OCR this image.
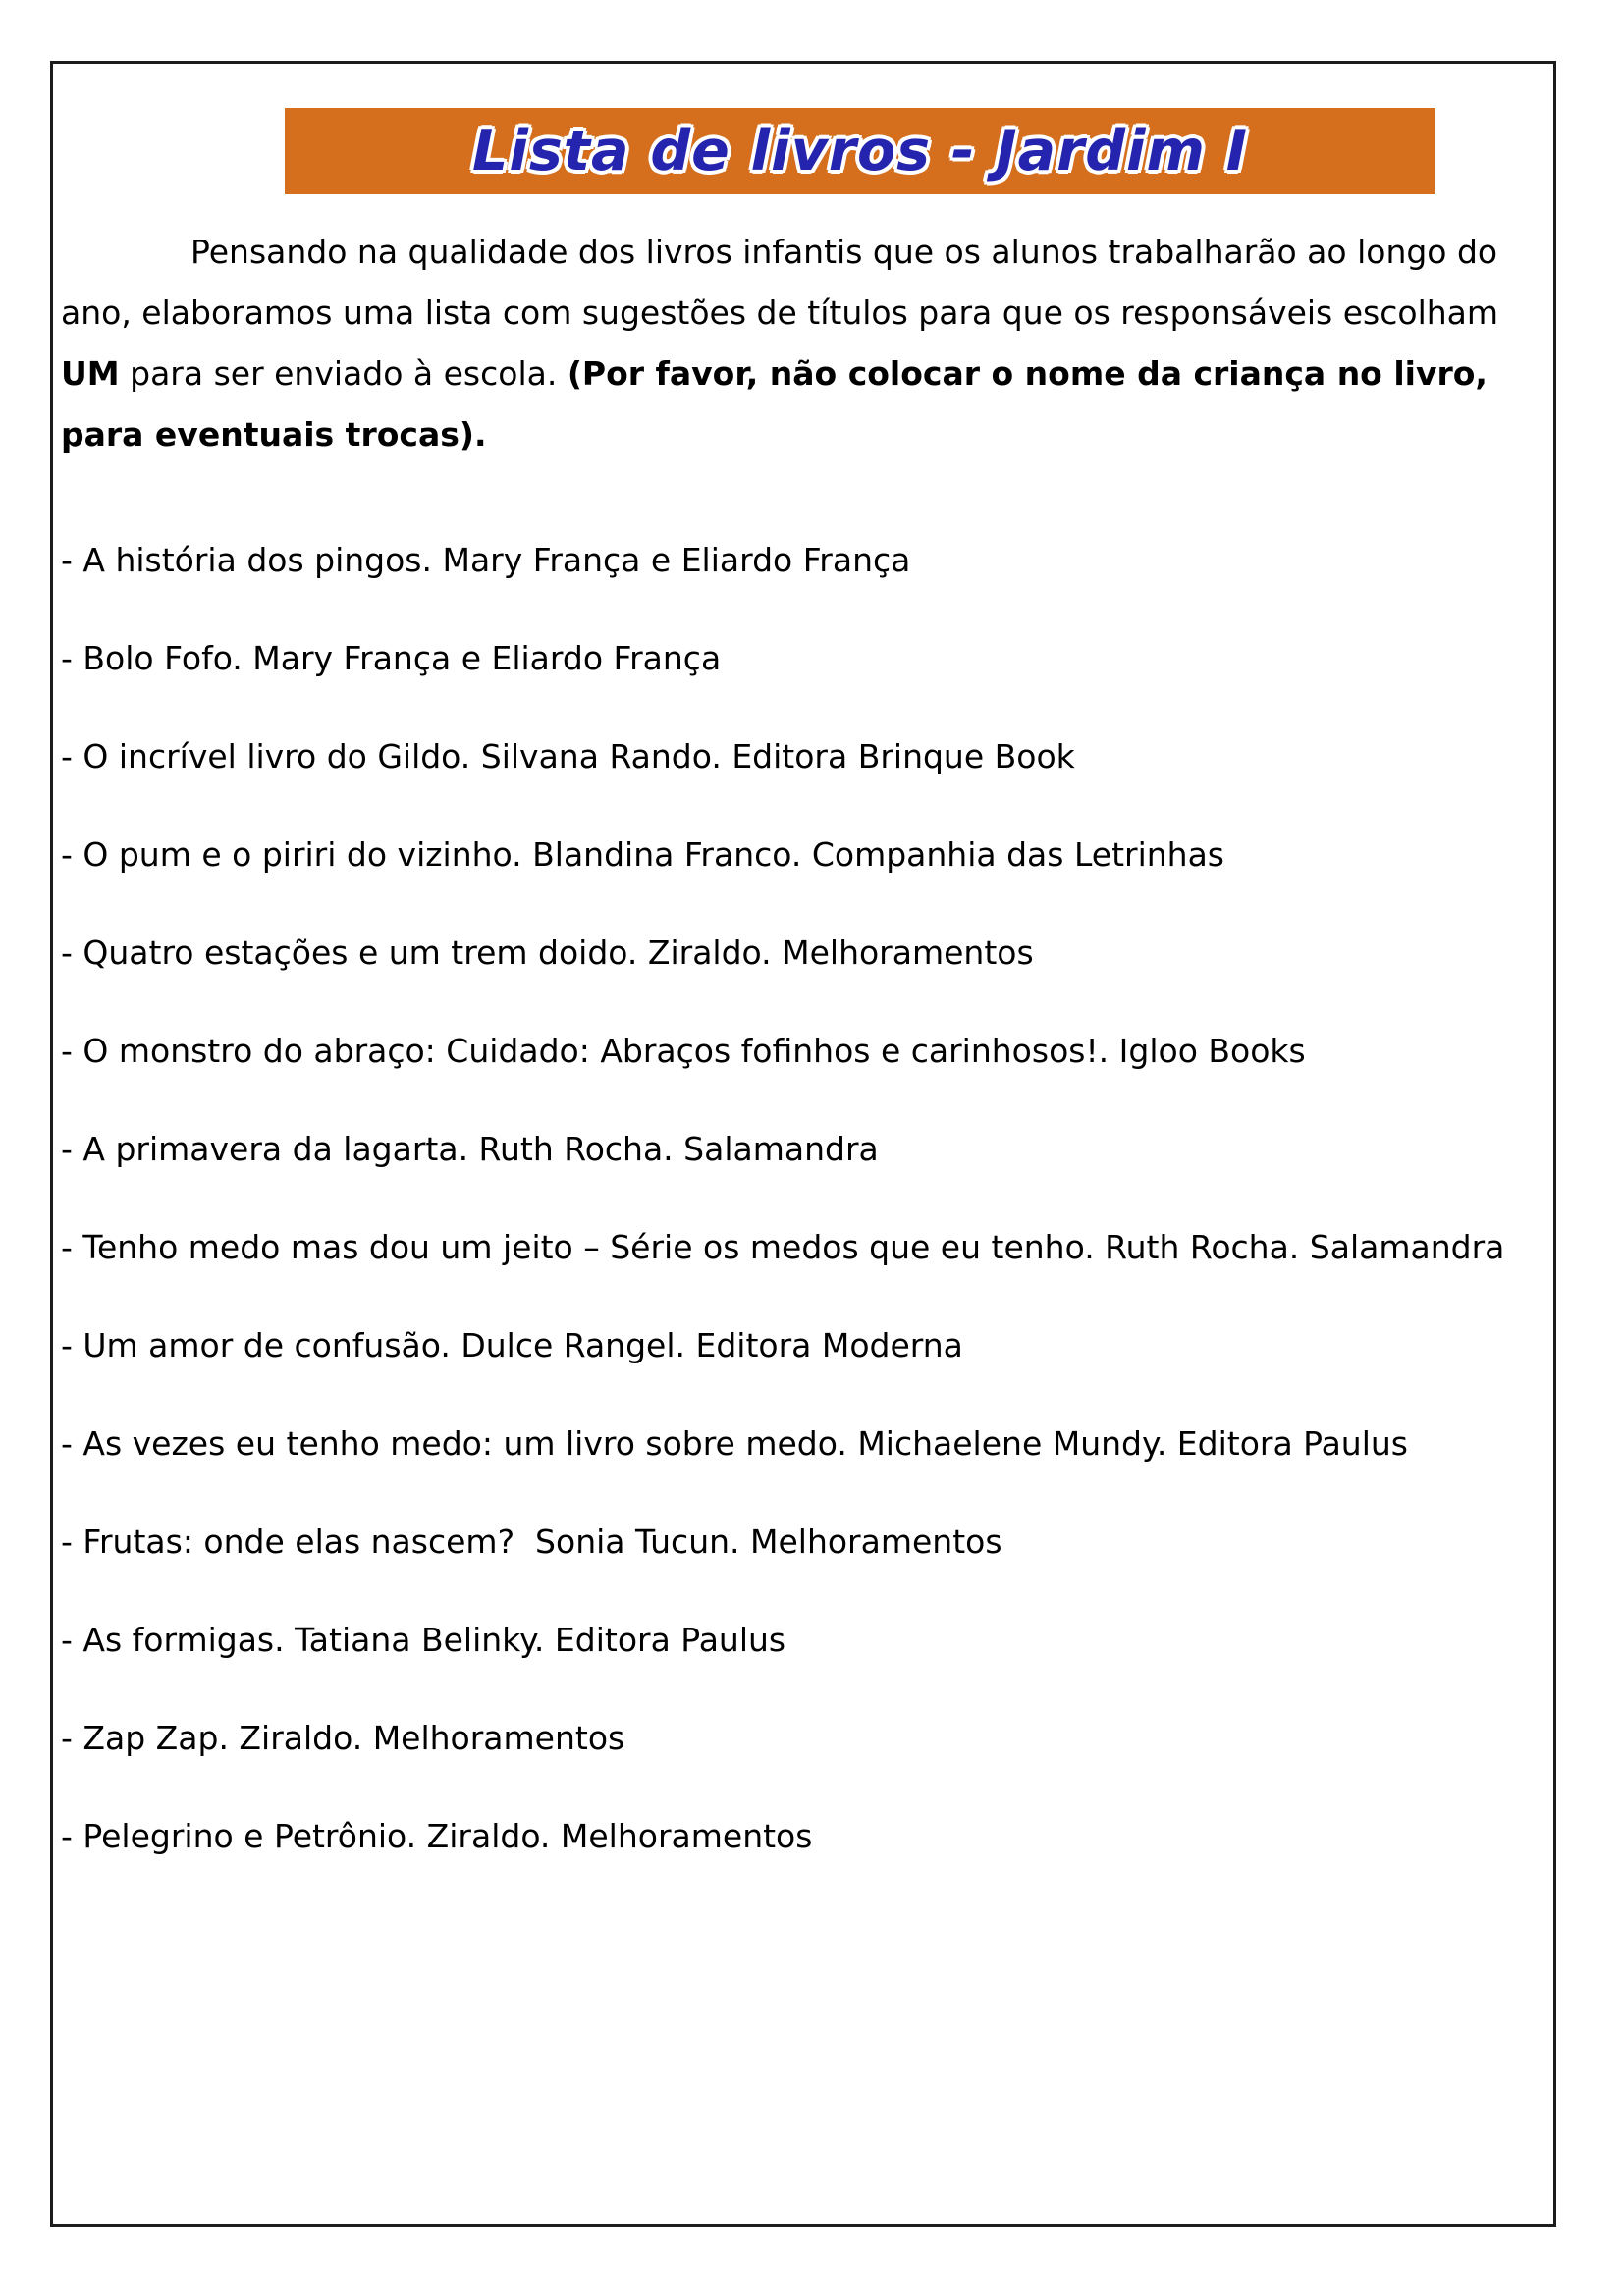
Lista de livros - Jardim I

Pensando na qualidade dos livros infantis que os alunos trabalharão ao longo do ano, elaboramos uma lista com sugestões de títulos para que os responsáveis escolham UM para ser enviado à escola. (Por favor, não colocar o nome da criança no livro, para eventuais trocas).

- A história dos pingos. Mary França e Eliardo França

- Bolo Fofo. Mary França e Eliardo França

- O incrível livro do Gildo. Silvana Rando. Editora Brinque Book

- O pum e o piriri do vizinho. Blandina Franco. Companhia das Letrinhas

- Quatro estações e um trem doido. Ziraldo. Melhoramentos

- O monstro do abraço: Cuidado: Abraços fofinhos e carinhosos!. Igloo Books

- A primavera da lagarta. Ruth Rocha. Salamandra

- Tenho medo mas dou um jeito – Série os medos que eu tenho. Ruth Rocha. Salamandra

- Um amor de confusão. Dulce Rangel. Editora Moderna

- As vezes eu tenho medo: um livro sobre medo. Michaelene Mundy. Editora Paulus

- Frutas: onde elas nascem?  Sonia Tucun. Melhoramentos

- As formigas. Tatiana Belinky. Editora Paulus

- Zap Zap. Ziraldo. Melhoramentos

- Pelegrino e Petrônio. Ziraldo. Melhoramentos
